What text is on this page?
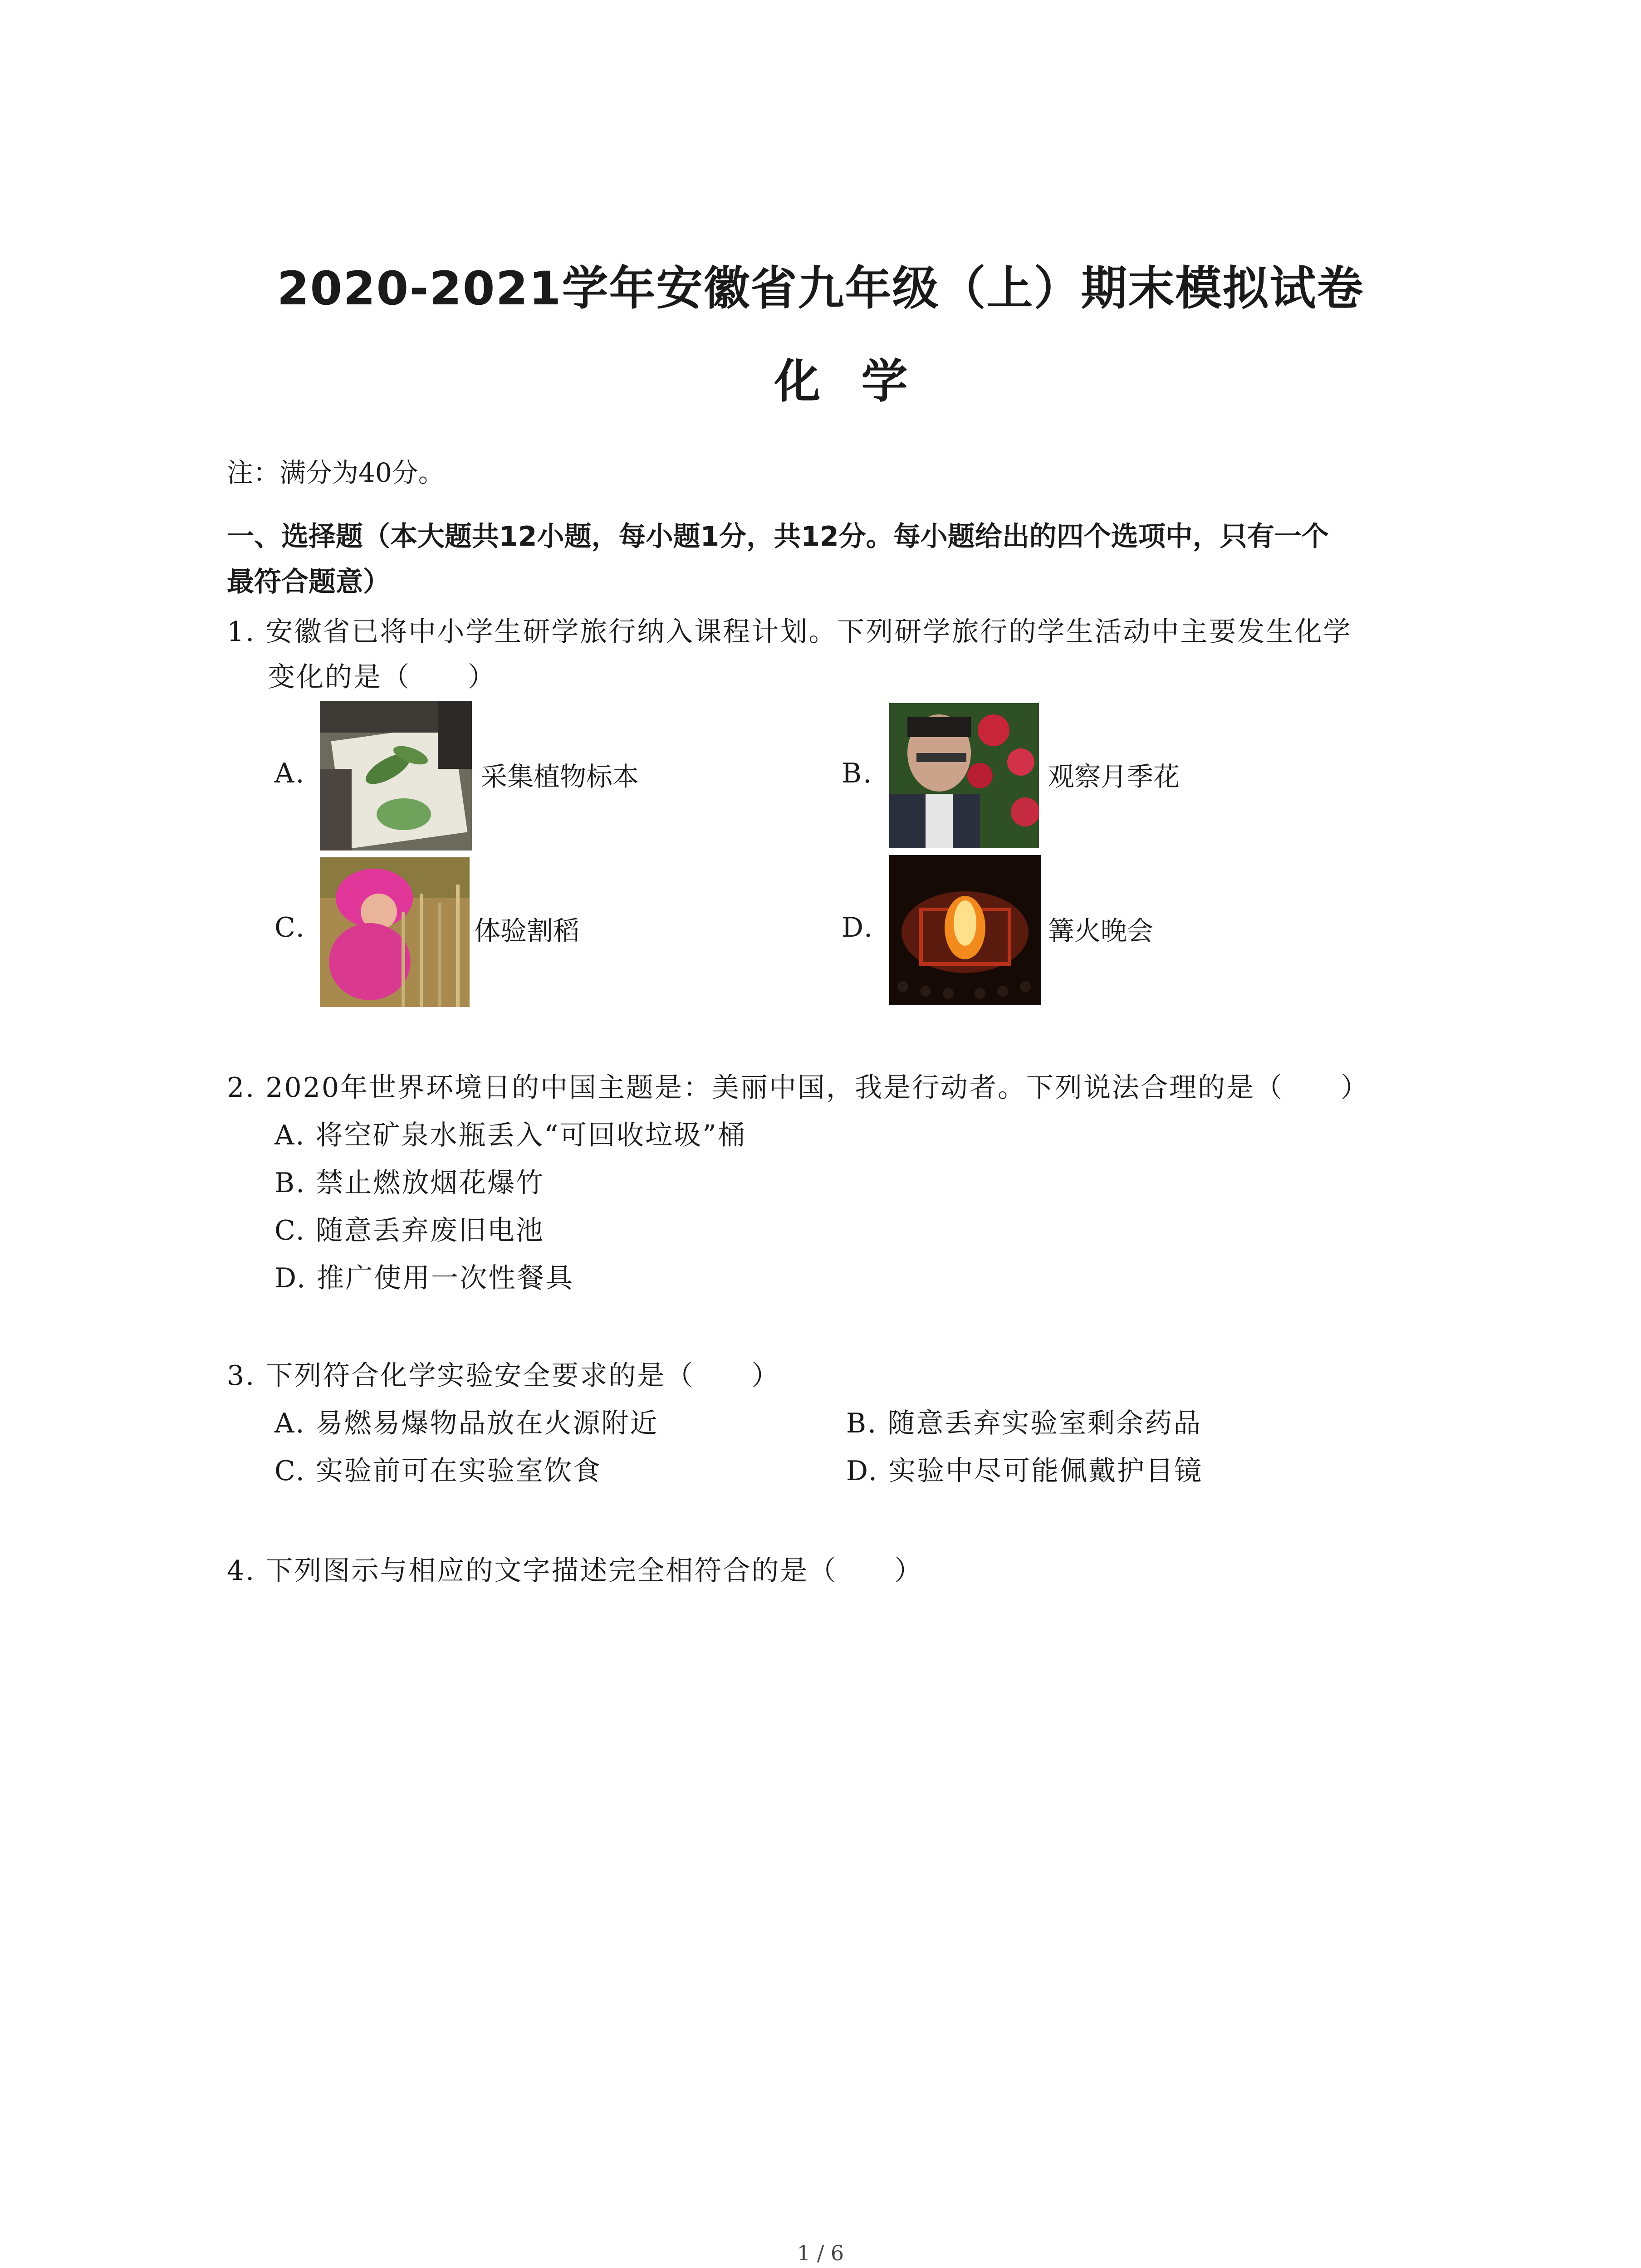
2020-2021学年安徽省九年级（上）期末模拟试卷
化学
注：满分为40分。
一、选择题（本大题共12小题，每小题1分，共12分。每小题给出的四个选项中，只有一个
最符合题意）
1. 安徽省已将中小学生研学旅行纳入课程计划。下列研学旅行的学生活动中主要发生化学
变化的是（　　）
A.	采集植物标本	B.	观察月季花
C.	体验割稻	D.	篝火晚会
2. 2020年世界环境日的中国主题是：美丽中国，我是行动者。下列说法合理的是（　　）
A. 将空矿泉水瓶丢入“可回收垃圾”桶
B. 禁止燃放烟花爆竹
C. 随意丢弃废旧电池
D. 推广使用一次性餐具
3. 下列符合化学实验安全要求的是（　　）
A. 易燃易爆物品放在火源附近	B. 随意丢弃实验室剩余药品
C. 实验前可在实验室饮食	D. 实验中尽可能佩戴护目镜
4. 下列图示与相应的文字描述完全相符合的是（　　）
1 / 6
